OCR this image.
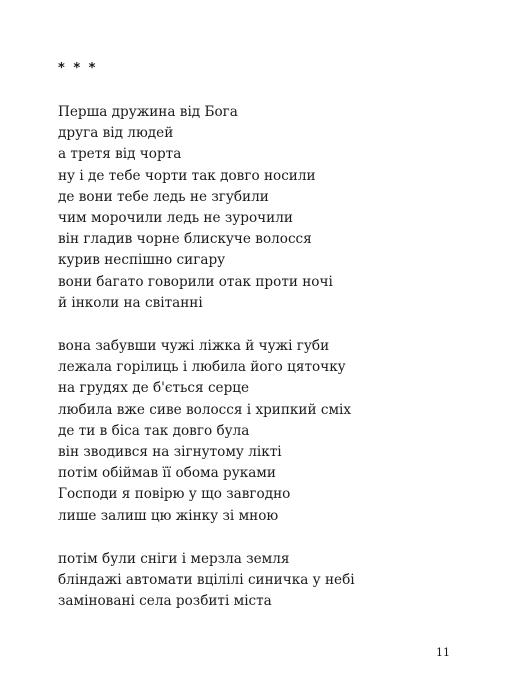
* * *

Перша дружина від Бога
друга від людей
а третя від чорта
ну і де тебе чорти так довго носили
де вони тебе ледь не згубили
чим морочили ледь не зурочили
він гладив чорне блискуче волосся
курив неспішно сигару
вони багато говорили отак проти ночі
й інколи на світанні
вона забувши чужі ліжка й чужі губи
лежала горілиць і любила його цяточку
на грудях де б'ється серце
любила вже сиве волосся і хрипкий сміх
де ти в біса так довго була
він зводився на зігнутому лікті
потім обіймав її обома руками
Господи я повірю у що завгодно
лише залиш цю жінку зі мною
потім були сніги і мерзла земля
бліндажі автомати вцілілі синичка у небі
заміновані села розбиті міста

11
